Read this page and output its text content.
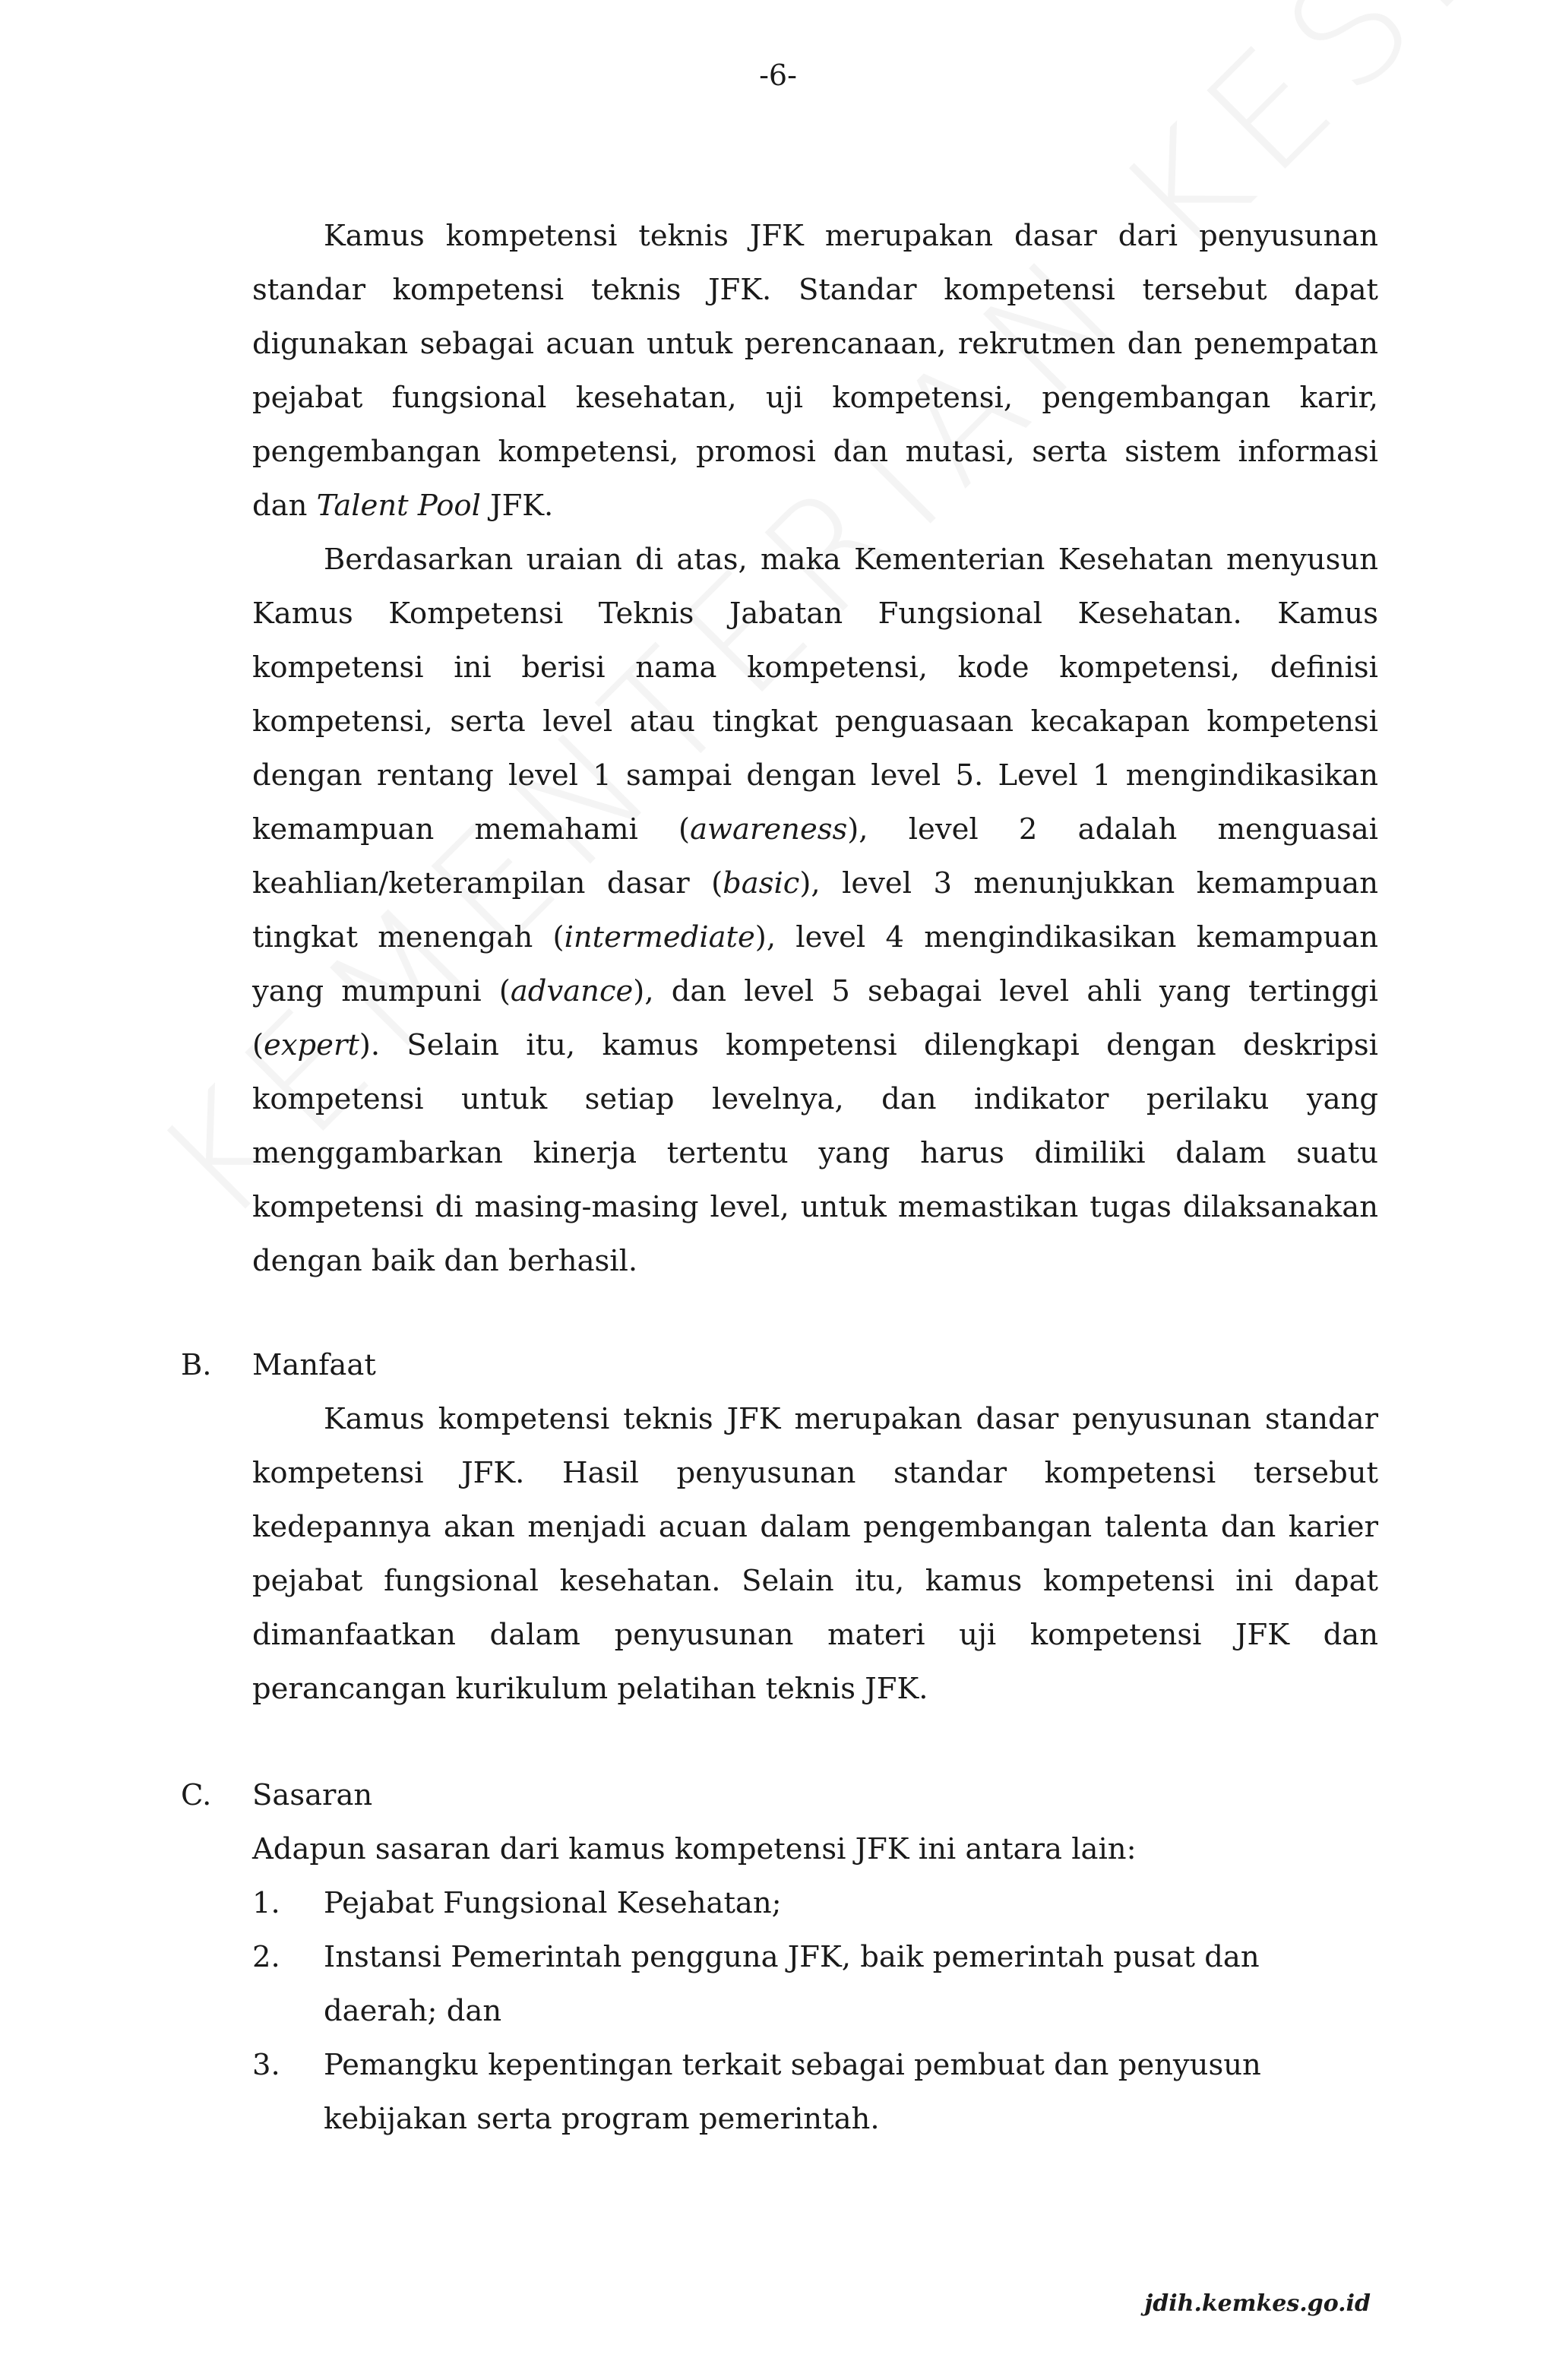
-6-

Kamus kompetensi teknis JFK merupakan dasar dari penyusunan standar kompetensi teknis JFK. Standar kompetensi tersebut dapat digunakan sebagai acuan untuk perencanaan, rekrutmen dan penempatan pejabat fungsional kesehatan, uji kompetensi, pengembangan karir, pengembangan kompetensi, promosi dan mutasi, serta sistem informasi dan Talent Pool JFK.

Berdasarkan uraian di atas, maka Kementerian Kesehatan menyusun Kamus Kompetensi Teknis Jabatan Fungsional Kesehatan. Kamus kompetensi ini berisi nama kompetensi, kode kompetensi, definisi kompetensi, serta level atau tingkat penguasaan kecakapan kompetensi dengan rentang level 1 sampai dengan level 5. Level 1 mengindikasikan kemampuan memahami (awareness), level 2 adalah menguasai keahlian/keterampilan dasar (basic), level 3 menunjukkan kemampuan tingkat menengah (intermediate), level 4 mengindikasikan kemampuan yang mumpuni (advance), dan level 5 sebagai level ahli yang tertinggi (expert). Selain itu, kamus kompetensi dilengkapi dengan deskripsi kompetensi untuk setiap levelnya, dan indikator perilaku yang menggambarkan kinerja tertentu yang harus dimiliki dalam suatu kompetensi di masing-masing level, untuk memastikan tugas dilaksanakan dengan baik dan berhasil.

B. Manfaat

Kamus kompetensi teknis JFK merupakan dasar penyusunan standar kompetensi JFK. Hasil penyusunan standar kompetensi tersebut kedepannya akan menjadi acuan dalam pengembangan talenta dan karier pejabat fungsional kesehatan. Selain itu, kamus kompetensi ini dapat dimanfaatkan dalam penyusunan materi uji kompetensi JFK dan perancangan kurikulum pelatihan teknis JFK.

C. Sasaran

Adapun sasaran dari kamus kompetensi JFK ini antara lain:

1. Pejabat Fungsional Kesehatan;
2. Instansi Pemerintah pengguna JFK, baik pemerintah pusat dan daerah; dan
3. Pemangku kepentingan terkait sebagai pembuat dan penyusun kebijakan serta program pemerintah.
jdih.kemkes.go.id
